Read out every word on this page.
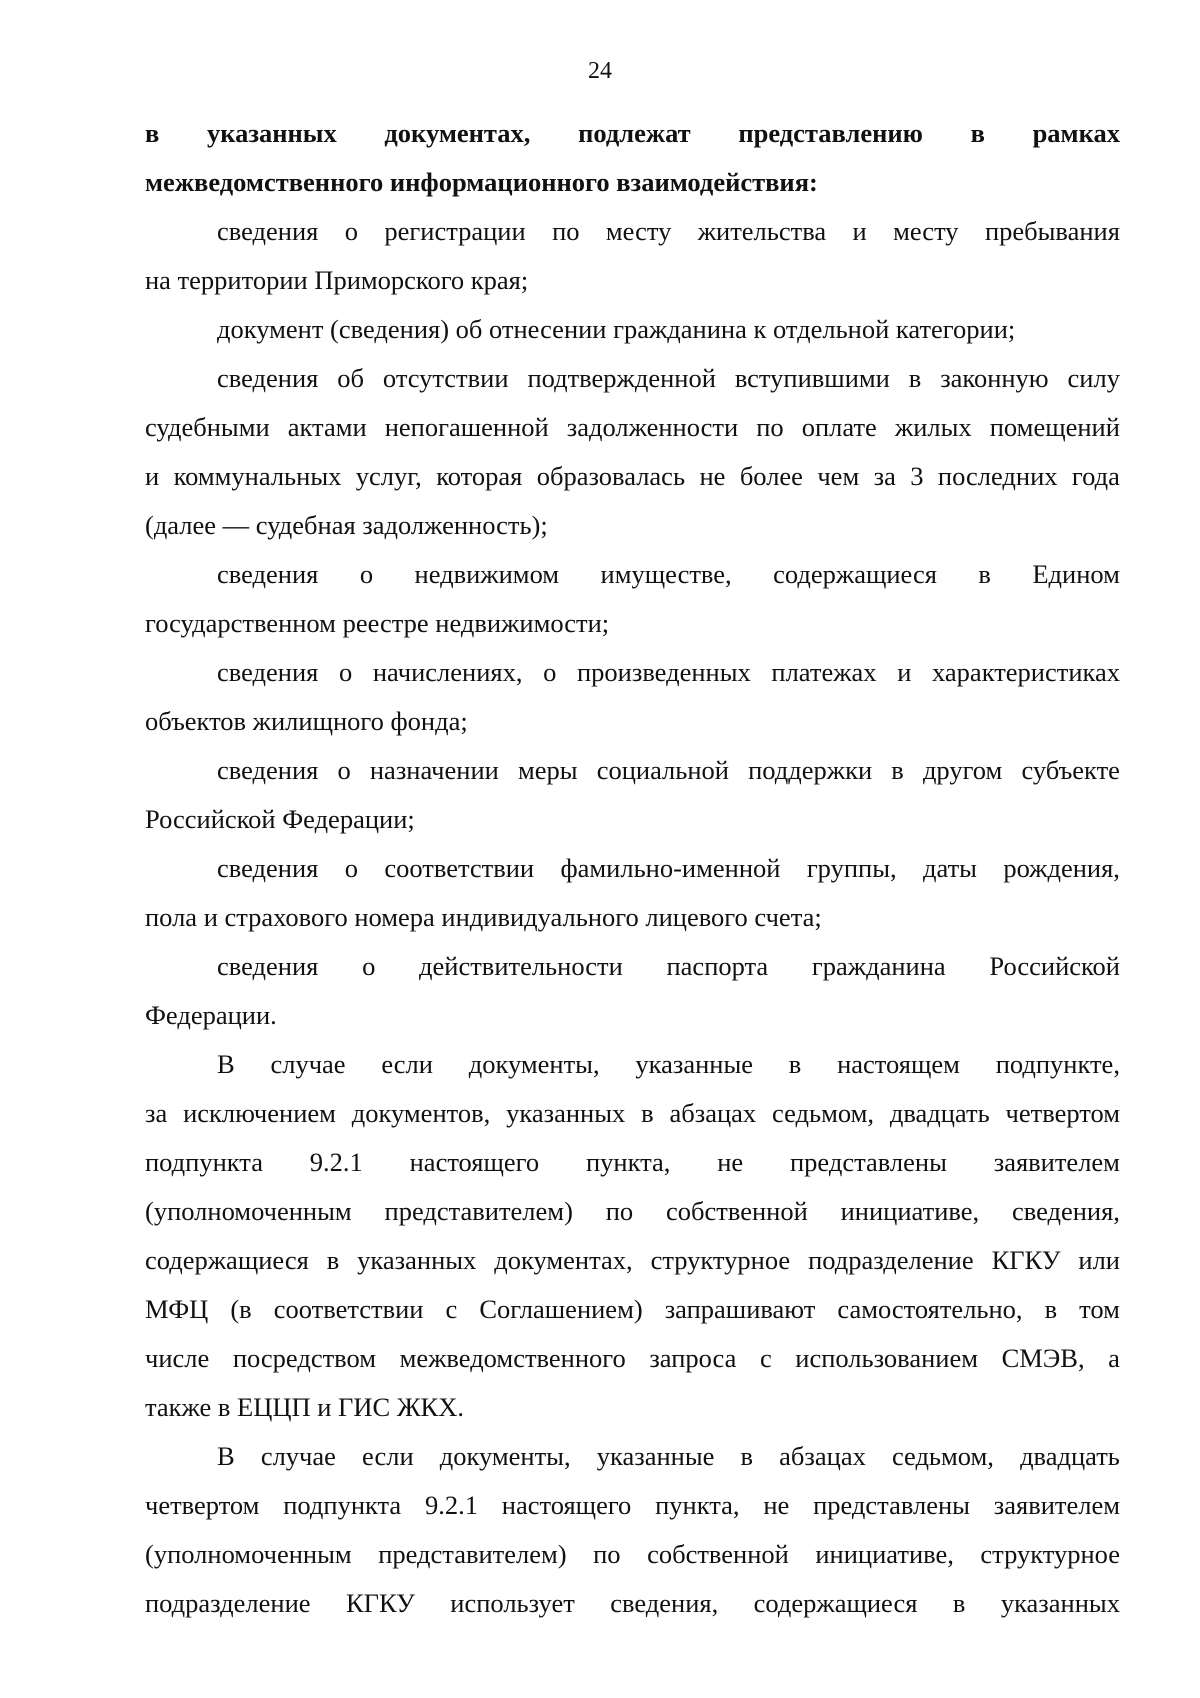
24
в указанных документах, подлежат представлению в рамках
межведомственного информационного взаимодействия:
сведения о регистрации по месту жительства и месту пребывания
на территории Приморского края;
документ (сведения) об отнесении гражданина к отдельной категории;
сведения об отсутствии подтвержденной вступившими в законную силу
судебными актами непогашенной задолженности по оплате жилых помещений
и коммунальных услуг, которая образовалась не более чем за 3 последних года
(далее — судебная задолженность);
сведения о недвижимом имуществе, содержащиеся в Едином
государственном реестре недвижимости;
сведения о начислениях, о произведенных платежах и характеристиках
объектов жилищного фонда;
сведения о назначении меры социальной поддержки в другом субъекте
Российской Федерации;
сведения о соответствии фамильно-именной группы, даты рождения,
пола и страхового номера индивидуального лицевого счета;
сведения о действительности паспорта гражданина Российской
Федерации.
В случае если документы, указанные в настоящем подпункте,
за исключением документов, указанных в абзацах седьмом, двадцать четвертом
подпункта 9.2.1 настоящего пункта, не представлены заявителем
(уполномоченным представителем) по собственной инициативе, сведения,
содержащиеся в указанных документах, структурное подразделение КГКУ или
МФЦ (в соответствии с Соглашением) запрашивают самостоятельно, в том
числе посредством межведомственного запроса с использованием СМЭВ, а
также в ЕЦЦП и ГИС ЖКХ.
В случае если документы, указанные в абзацах седьмом, двадцать
четвертом подпункта 9.2.1 настоящего пункта, не представлены заявителем
(уполномоченным представителем) по собственной инициативе, структурное
подразделение КГКУ использует сведения, содержащиеся в указанных
